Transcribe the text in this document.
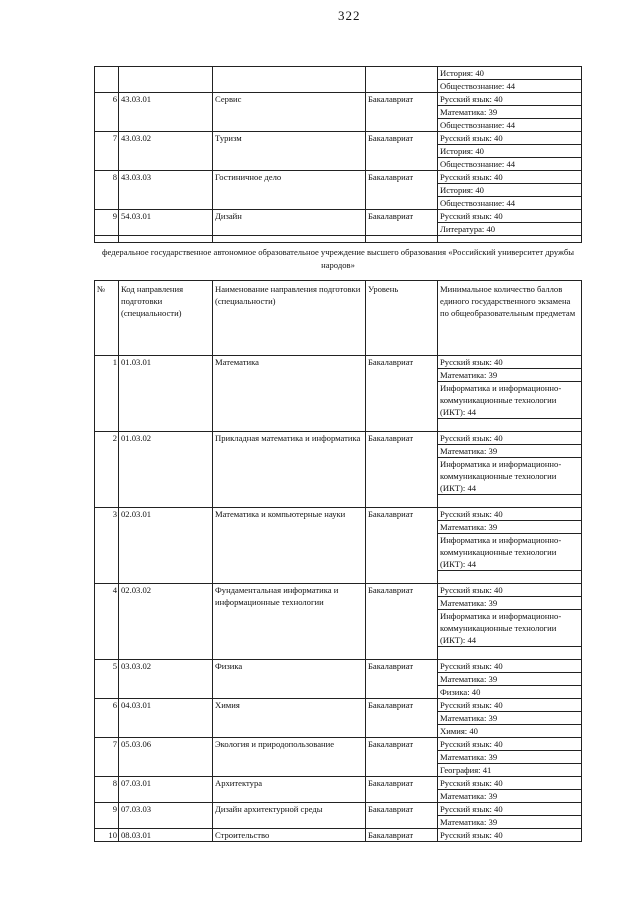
322
				История: 40
				Обществознание: 44
6	43.03.01	Сервис	Бакалавриат	Русский язык: 40
				Математика: 39
				Обществознание: 44
7	43.03.02	Туризм	Бакалавриат	Русский язык: 40
				История: 40
				Обществознание: 44
8	43.03.03	Гостиничное дело	Бакалавриат	Русский язык: 40
				История: 40
				Обществознание: 44
9	54.03.01	Дизайн	Бакалавриат	Русский язык: 40
				Литература: 40

федеральное государственное автономное образовательное учреждение высшего образования «Российский университет дружбы народов»				
№	Код направления подготовки (специальности)	Наименование направления подготовки (специальности)	Уровень	Минимальное количество баллов единого государственного экзамена по общеобразовательным предметам
1	01.03.01	Математика	Бакалавриат	Русский язык: 40
				Математика: 39
				Информатика и информационно-коммуникационные технологии (ИКТ): 44

2	01.03.02	Прикладная математика и информатика	Бакалавриат	Русский язык: 40
				Математика: 39
				Информатика и информационно-коммуникационные технологии (ИКТ): 44

3	02.03.01	Математика и компьютерные науки	Бакалавриат	Русский язык: 40
				Математика: 39
				Информатика и информационно-коммуникационные технологии (ИКТ): 44

4	02.03.02	Фундаментальная информатика и информационные технологии	Бакалавриат	Русский язык: 40
				Математика: 39
				Информатика и информационно-коммуникационные технологии (ИКТ): 44

5	03.03.02	Физика	Бакалавриат	Русский язык: 40
				Математика: 39
				Физика: 40
6	04.03.01	Химия	Бакалавриат	Русский язык: 40
				Математика: 39
				Химия: 40
7	05.03.06	Экология и природопользование	Бакалавриат	Русский язык: 40
				Математика: 39
				География: 41
8	07.03.01	Архитектура	Бакалавриат	Русский язык: 40
				Математика: 39
9	07.03.03	Дизайн архитектурной среды	Бакалавриат	Русский язык: 40
				Математика: 39
10	08.03.01	Строительство	Бакалавриат	Русский язык: 40
